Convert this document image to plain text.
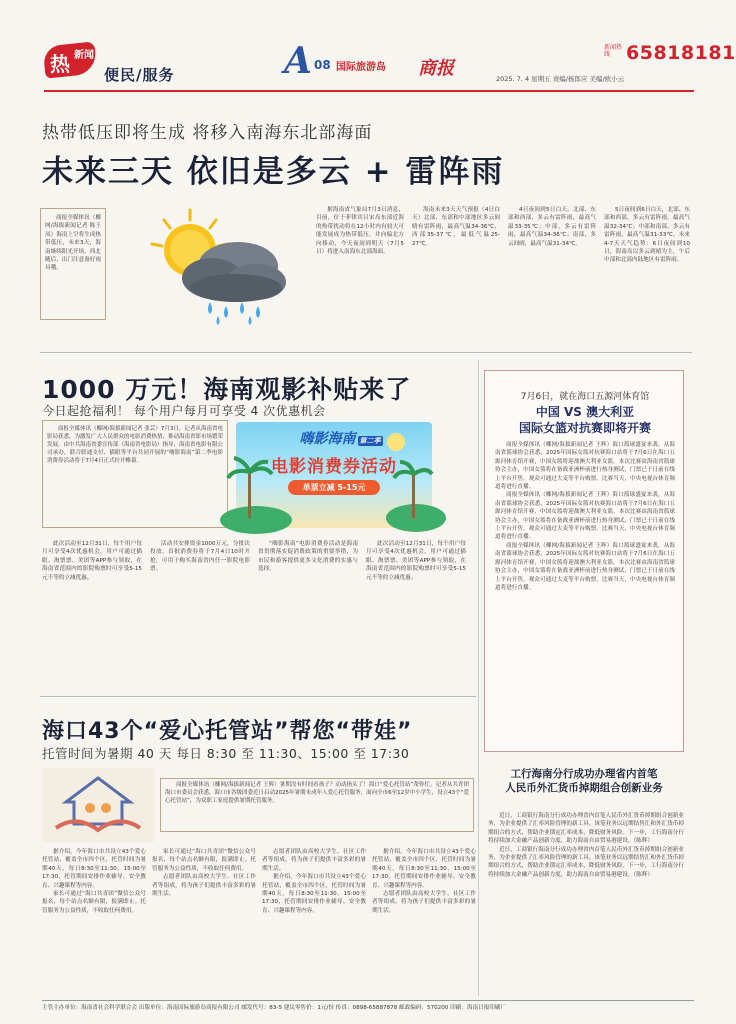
热 新闻
便民/服务	A 08 国际旅游岛 商报
新闻热线 65818181
2025. 7. 4 星期五 责编/杨郎应 美编/欧小云
热带低压即将生成 将移入南海东北部海面
未来三天 依旧是多云 + 雷阵雨

商报全媒体讯（椰网/海拔新闻记者 陈王凤）海南上空将生成热带低压，未来3天，海南继续阳光开场，西北随后，出门注意备好雨具哦。

据海南省气象局7月3日消息，目前，位于菲律宾吕宋岛东部近海的热带扰动将在12小时内有较大可能发展成为热带低压，并向偏北方向移动，今天夜间到明天（7月5日）将进入南海东北部海面。

海南未来3天天气预报（4日白天）北部、东部和中部地区多云间晴有雷阵雨，最高气温34-36℃，西部35-37℃，最低气温25-27℃。

4日夜间到5日白天，北部、东部和西部，多云有雷阵雨，最高气温33-35℃；中部，多云有雷阵雨，最高气温34-36℃；南部，多云间晴，最高气温31-34℃。

5日夜间到6日白天，北部、东部和西部，多云有雷阵雨，最高气温32-34℃；中部和南部，多云有雷阵雨，最高气温31-33℃。未来4-7天天气趋势：6日夜间到10日，海南岛以多云到晴为主，午后中部和北部内陆地区有雷阵雨。

1000 万元！海南观影补贴来了
今日起抢福利！ 每个用户每月可享受 4 次优惠机会

商报全媒体讯（椰网/海拔新闻记者 张芸）7月3日，记者从海南省电影局获悉，为激发广大人民群众的电影消费热情，推动海南省影市场繁荣发展，由中共海南省委宣传部（海南省电影局）指导，海南省电影有限公司承办，联合联通支付、猫眼等平台共同开展的“嗨影海南”第二季电影消费券活动将于7月4日正式拉开帷幕。

嗨影海南 第二季
电影消费券活动
单票立减 5-15元

此次活动至12月31日，每个用户每月可享受4次优惠机会。用户可通过猫眼、淘票票、美团等APP参与领取，在海南省范围内的影院购票时可享受5-15元不等的立减优惠。

活动共安排资金1000万元，分批次投放。首批消费券将于7月4日10时开抢，可用于购买海南省内任一影院电影票。

“嗨影海南”电影消费券活动是海南省贯彻落实促消费政策的重要举措，为市民和游客提供更多文化消费的实惠与选择。

此次活动至12月31日，每个用户每月可享受4次优惠机会。用户可通过猫眼、淘票票、美团等APP参与领取，在海南省范围内的影院购票时可享受5-15元不等的立减优惠。

7月6日，就在海口五源河体育馆
中国 VS 澳大利亚
国际女篮对抗赛即将开赛

商报全媒体讯（椰网/海拔新闻记者 王辉）海口篮球盛宴来袭，从海南省篮球协会获悉，2025年国际女篮对抗赛海口站将于7月6日在海口五源河体育馆开赛，中国女篮将迎战澳大利亚女篮。本次比赛由海南省篮球协会主办，中国女篮将在备战亚洲杯前进行热身测试，门票已于日前在线上平台开售，观众可通过大麦等平台购票。比赛当天，中央电视台体育频道将进行直播。

商报全媒体讯（椰网/海拔新闻记者 王辉）海口篮球盛宴来袭，从海南省篮球协会获悉，2025年国际女篮对抗赛海口站将于7月6日在海口五源河体育馆开赛，中国女篮将迎战澳大利亚女篮。本次比赛由海南省篮球协会主办，中国女篮将在备战亚洲杯前进行热身测试，门票已于日前在线上平台开售，观众可通过大麦等平台购票。比赛当天，中央电视台体育频道将进行直播。

商报全媒体讯（椰网/海拔新闻记者 王辉）海口篮球盛宴来袭，从海南省篮球协会获悉，2025年国际女篮对抗赛海口站将于7月6日在海口五源河体育馆开赛，中国女篮将迎战澳大利亚女篮。本次比赛由海南省篮球协会主办，中国女篮将在备战亚洲杯前进行热身测试，门票已于日前在线上平台开售，观众可通过大麦等平台购票。比赛当天，中央电视台体育频道将进行直播。

海口43个“爱心托管站”帮您“带娃”
托管时间为暑期 40 天 每日 8:30 至 11:30、15:00 至 17:30

商报全媒体讯（椰网/海拔新闻记者 王辉）暑期没有时间看孩子？动动指头了！海口“爱心托管站”帮你忙。记者从共青团海口市委员会获悉，海口市各级团委近日启动2025年暑期未成年人爱心托管服务，面向全市6至12岁中小学生，设立43个“爱心托管站”，为双职工家庭提供暑期托管服务。

据介绍，今年海口市共设立43个爱心托管站，覆盖全市四个区，托管时间为暑期40天，每日8:30至11:30、15:00至17:30，托管期间安排作业辅导、安全教育、兴趣课程等内容。

家长可通过“海口共青团”微信公众号报名，每个站点名额有限，报满即止。托管服务为公益性质，不收取任何费用。

家长可通过“海口共青团”微信公众号报名，每个站点名额有限，报满即止。托管服务为公益性质，不收取任何费用。

志愿者团队由高校大学生、社区工作者等组成，将为孩子们提供丰富多彩的暑期生活。

志愿者团队由高校大学生、社区工作者等组成，将为孩子们提供丰富多彩的暑期生活。

据介绍，今年海口市共设立43个爱心托管站，覆盖全市四个区，托管时间为暑期40天，每日8:30至11:30、15:00至17:30，托管期间安排作业辅导、安全教育、兴趣课程等内容。

据介绍，今年海口市共设立43个爱心托管站，覆盖全市四个区，托管时间为暑期40天，每日8:30至11:30、15:00至17:30，托管期间安排作业辅导、安全教育、兴趣课程等内容。

志愿者团队由高校大学生、社区工作者等组成，将为孩子们提供丰富多彩的暑期生活。

工行海南分行成功办理省内首笔
人民币外汇货币掉期组合创新业务

近日，工商银行海南分行成功办理省内首笔人民币外汇货币掉期组合创新业务，为企业提供了汇率风险管理的新工具。该笔业务以远期结售汇和外汇货币掉期组合的方式，帮助企业锁定汇率成本，降低财务风险。下一步，工行海南分行将持续加大金融产品创新力度，助力海南自由贸易港建设。（陈辉）

近日，工商银行海南分行成功办理省内首笔人民币外汇货币掉期组合创新业务，为企业提供了汇率风险管理的新工具。该笔业务以远期结售汇和外汇货币掉期组合的方式，帮助企业锁定汇率成本，降低财务风险。下一步，工行海南分行将持续加大金融产品创新力度，助力海南自由贸易港建设。（陈辉）

主管主办单位：海南省社会科学联合会 出版单位：海南国际旅游岛商报有限公司 邮发代号：83-5 建议零售价：1元/份 传真：0898-65887878 邮政编码：570200 印刷：海南日报印刷厂
